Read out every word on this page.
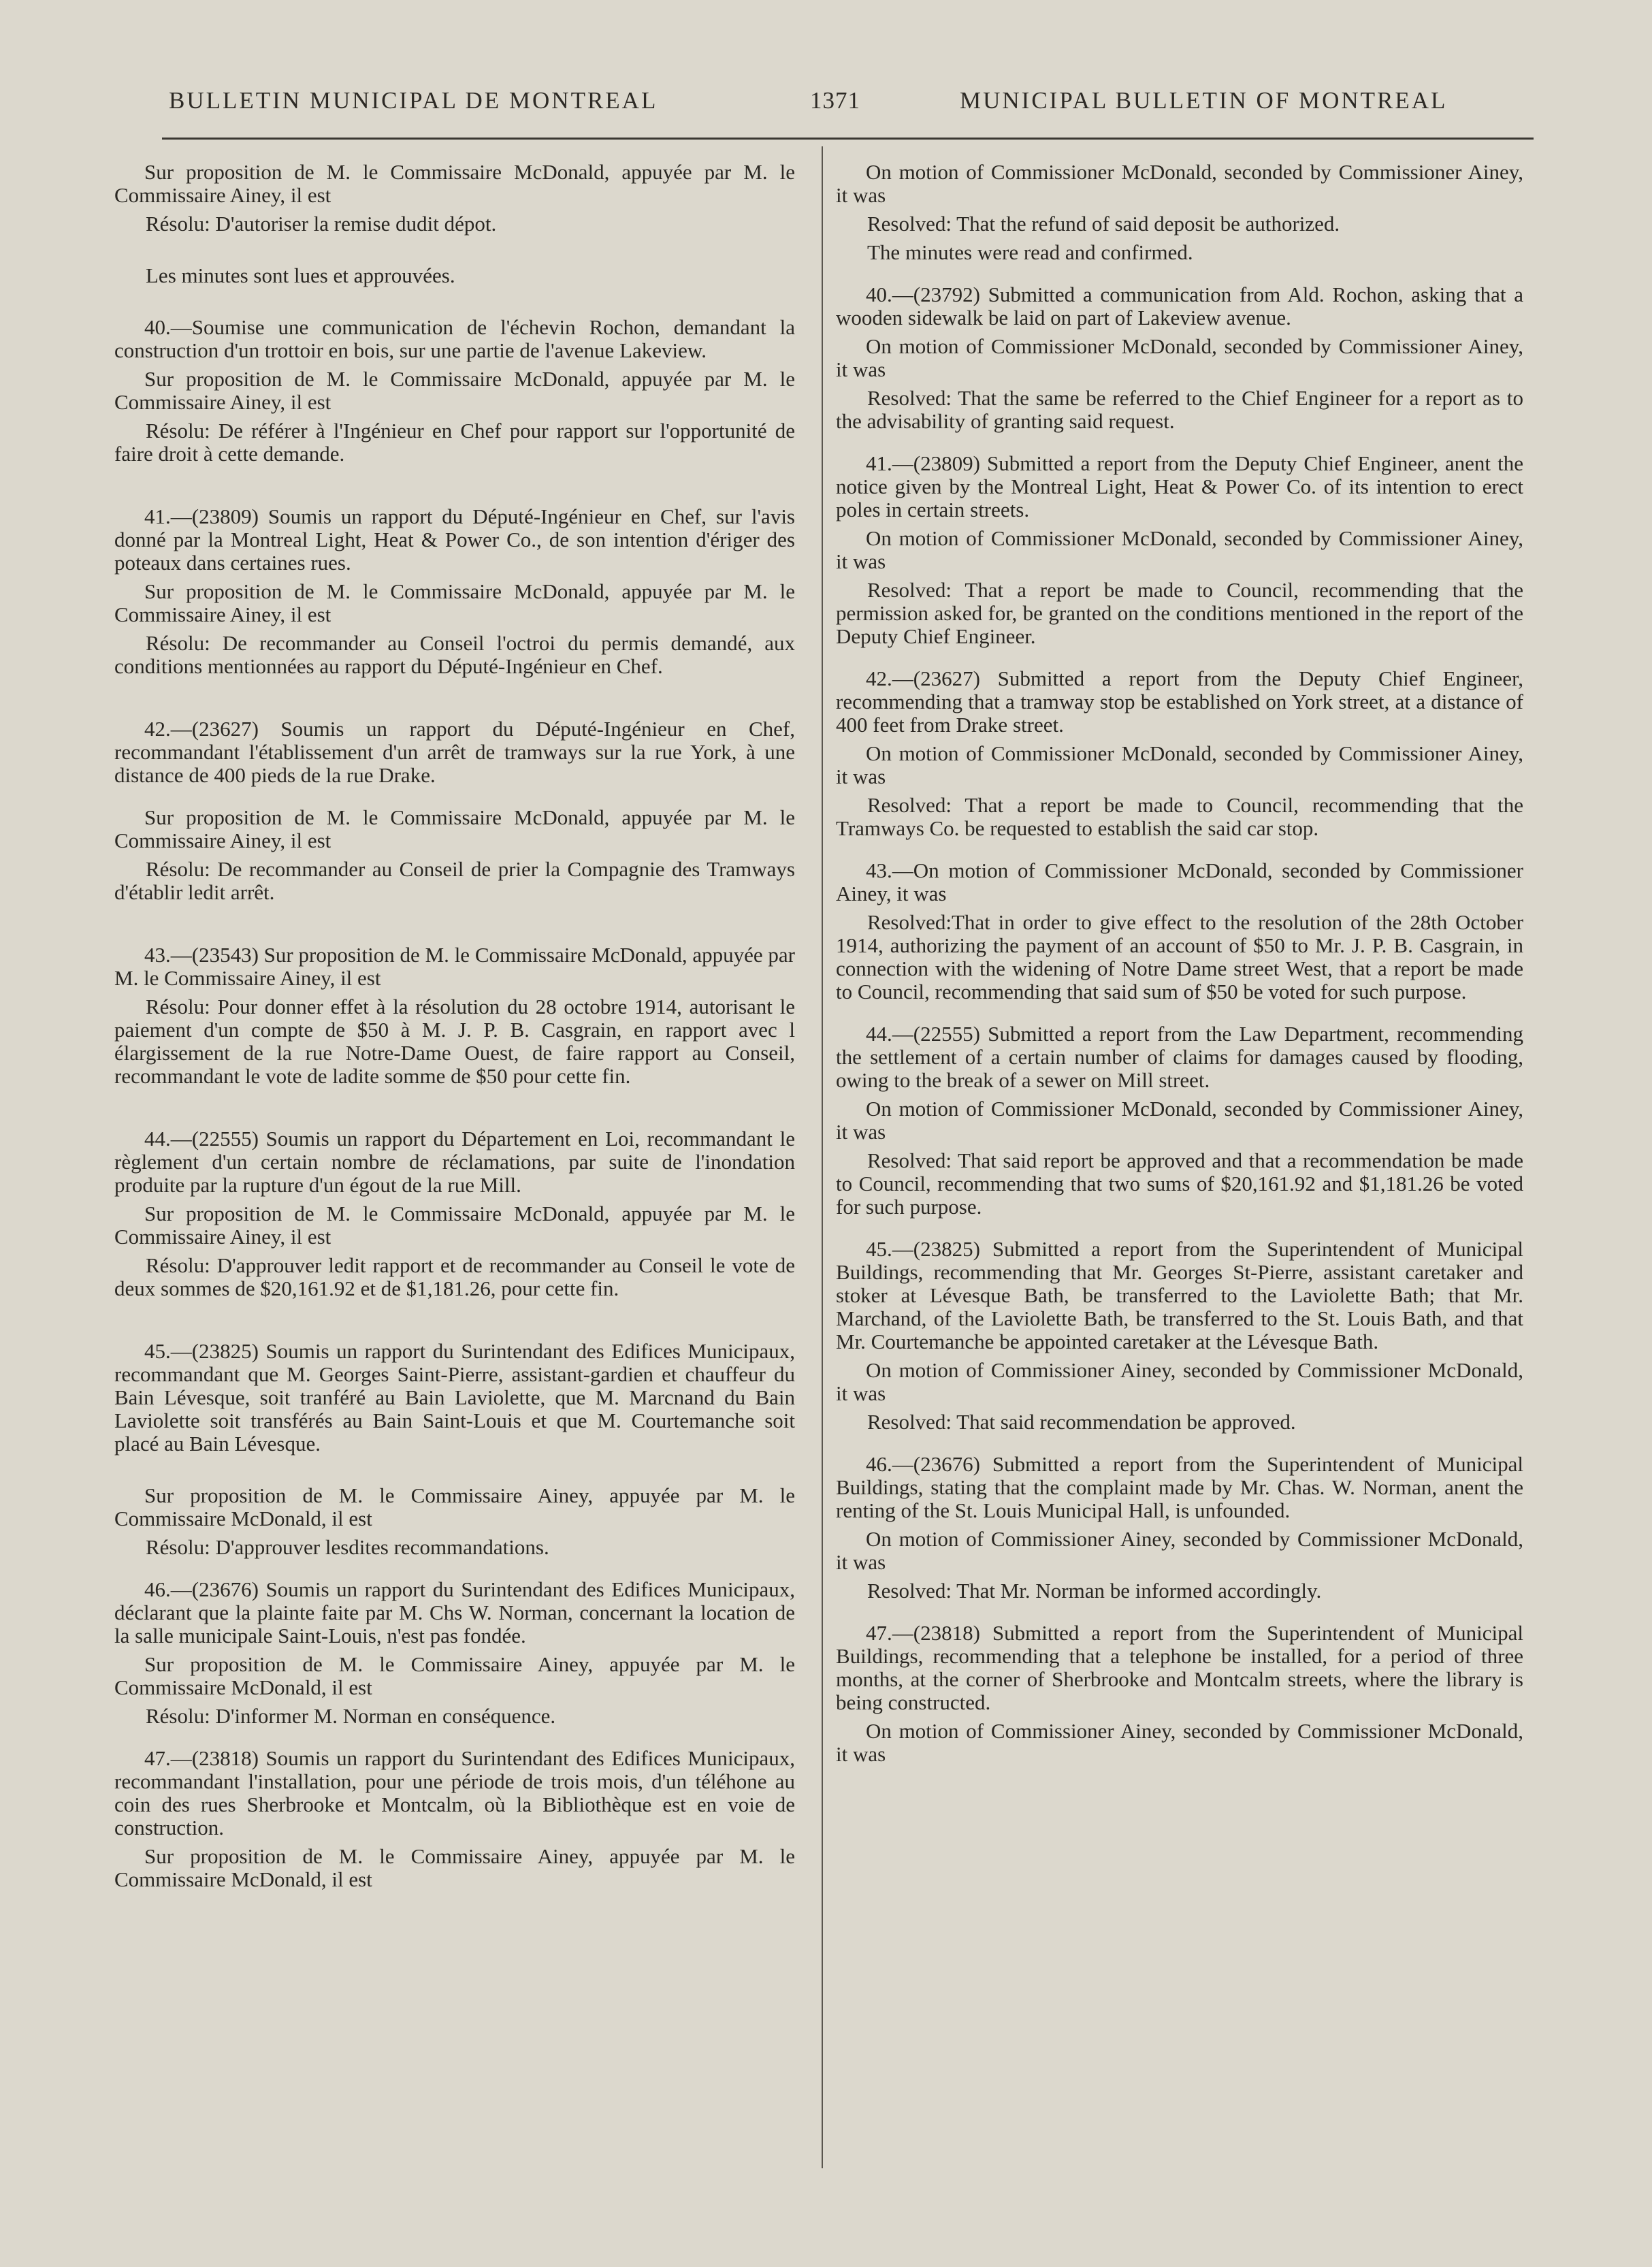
BULLETIN MUNICIPAL DE MONTREAL	1371	MUNICIPAL BULLETIN OF MONTREAL

Sur proposition de M. le Commissaire McDonald, appuyée par M. le Commissaire Ainey, il est

Résolu: D'autoriser la remise dudit dépot.

Les minutes sont lues et approuvées.

40.—Soumise une communication de l'échevin Rochon, demandant la construction d'un trottoir en bois, sur une partie de l'avenue Lakeview.

Sur proposition de M. le Commissaire McDonald, appuyée par M. le Commissaire Ainey, il est

Résolu: De référer à l'Ingénieur en Chef pour rapport sur l'opportunité de faire droit à cette demande.

41.—(23809) Soumis un rapport du Député-Ingénieur en Chef, sur l'avis donné par la Montreal Light, Heat & Power Co., de son intention d'ériger des poteaux dans certaines rues.

Sur proposition de M. le Commissaire McDonald, appuyée par M. le Commissaire Ainey, il est

Résolu: De recommander au Conseil l'octroi du permis demandé, aux conditions mentionnées au rapport du Député-Ingénieur en Chef.

42.—(23627) Soumis un rapport du Député-Ingénieur en Chef, recommandant l'établissement d'un arrêt de tramways sur la rue York, à une distance de 400 pieds de la rue Drake.

Sur proposition de M. le Commissaire McDonald, appuyée par M. le Commissaire Ainey, il est

Résolu: De recommander au Conseil de prier la Compagnie des Tramways d'établir ledit arrêt.

43.—(23543) Sur proposition de M. le Commissaire McDonald, appuyée par M. le Commissaire Ainey, il est

Résolu: Pour donner effet à la résolution du 28 octobre 1914, autorisant le paiement d'un compte de $50 à M. J. P. B. Casgrain, en rapport avec l élargissement de la rue Notre-Dame Ouest, de faire rapport au Conseil, recommandant le vote de ladite somme de $50 pour cette fin.

44.—(22555) Soumis un rapport du Département en Loi, recommandant le règlement d'un certain nombre de réclamations, par suite de l'inondation produite par la rupture d'un égout de la rue Mill.

Sur proposition de M. le Commissaire McDonald, appuyée par M. le Commissaire Ainey, il est

Résolu: D'approuver ledit rapport et de recommander au Conseil le vote de deux sommes de $20,161.92 et de $1,181.26, pour cette fin.

45.—(23825) Soumis un rapport du Surintendant des Edifices Municipaux, recommandant que M. Georges Saint-Pierre, assistant-gardien et chauffeur du Bain Lévesque, soit tranféré au Bain Laviolette, que M. Marcnand du Bain Laviolette soit transférés au Bain Saint-Louis et que M. Courtemanche soit placé au Bain Lévesque.

Sur proposition de M. le Commissaire Ainey, appuyée par M. le Commissaire McDonald, il est

Résolu: D'approuver lesdites recommandations.

46.—(23676) Soumis un rapport du Surintendant des Edifices Municipaux, déclarant que la plainte faite par M. Chs W. Norman, concernant la location de la salle municipale Saint-Louis, n'est pas fondée.

Sur proposition de M. le Commissaire Ainey, appuyée par M. le Commissaire McDonald, il est

Résolu: D'informer M. Norman en conséquence.

47.—(23818) Soumis un rapport du Surintendant des Edifices Municipaux, recommandant l'installation, pour une période de trois mois, d'un téléhone au coin des rues Sherbrooke et Montcalm, où la Bibliothèque est en voie de construction.

Sur proposition de M. le Commissaire Ainey, appuyée par M. le Commissaire McDonald, il est

On motion of Commissioner McDonald, seconded by Commissioner Ainey, it was

Resolved: That the refund of said deposit be authorized.

The minutes were read and confirmed.

40.—(23792) Submitted a communication from Ald. Rochon, asking that a wooden sidewalk be laid on part of Lakeview avenue.

On motion of Commissioner McDonald, seconded by Commissioner Ainey, it was

Resolved: That the same be referred to the Chief Engineer for a report as to the advisability of granting said request.

41.—(23809) Submitted a report from the Deputy Chief Engineer, anent the notice given by the Montreal Light, Heat & Power Co. of its intention to erect poles in certain streets.

On motion of Commissioner McDonald, seconded by Commissioner Ainey, it was

Resolved: That a report be made to Council, recommending that the permission asked for, be granted on the conditions mentioned in the report of the Deputy Chief Engineer.

42.—(23627) Submitted a report from the Deputy Chief Engineer, recommending that a tramway stop be established on York street, at a distance of 400 feet from Drake street.

On motion of Commissioner McDonald, seconded by Commissioner Ainey, it was

Resolved: That a report be made to Council, recommending that the Tramways Co. be requested to establish the said car stop.

43.—On motion of Commissioner McDonald, seconded by Commissioner Ainey, it was

Resolved:That in order to give effect to the resolution of the 28th October 1914, authorizing the payment of an account of $50 to Mr. J. P. B. Casgrain, in connection with the widening of Notre Dame street West, that a report be made to Council, recommending that said sum of $50 be voted for such purpose.

44.—(22555) Submitted a report from the Law Department, recommending the settlement of a certain number of claims for damages caused by flooding, owing to the break of a sewer on Mill street.

On motion of Commissioner McDonald, seconded by Commissioner Ainey, it was

Resolved: That said report be approved and that a recommendation be made to Council, recommending that two sums of $20,161.92 and $1,181.26 be voted for such purpose.

45.—(23825) Submitted a report from the Superintendent of Municipal Buildings, recommending that Mr. Georges St-Pierre, assistant caretaker and stoker at Lévesque Bath, be transferred to the Laviolette Bath; that Mr. Marchand, of the Laviolette Bath, be transferred to the St. Louis Bath, and that Mr. Courtemanche be appointed caretaker at the Lévesque Bath.

On motion of Commissioner Ainey, seconded by Commissioner McDonald, it was

Resolved: That said recommendation be approved.

46.—(23676) Submitted a report from the Superintendent of Municipal Buildings, stating that the complaint made by Mr. Chas. W. Norman, anent the renting of the St. Louis Municipal Hall, is unfounded.

On motion of Commissioner Ainey, seconded by Commissioner McDonald, it was

Resolved: That Mr. Norman be informed accordingly.

47.—(23818) Submitted a report from the Superintendent of Municipal Buildings, recommending that a telephone be installed, for a period of three months, at the corner of Sherbrooke and Montcalm streets, where the library is being constructed.

On motion of Commissioner Ainey, seconded by Commissioner McDonald, it was
